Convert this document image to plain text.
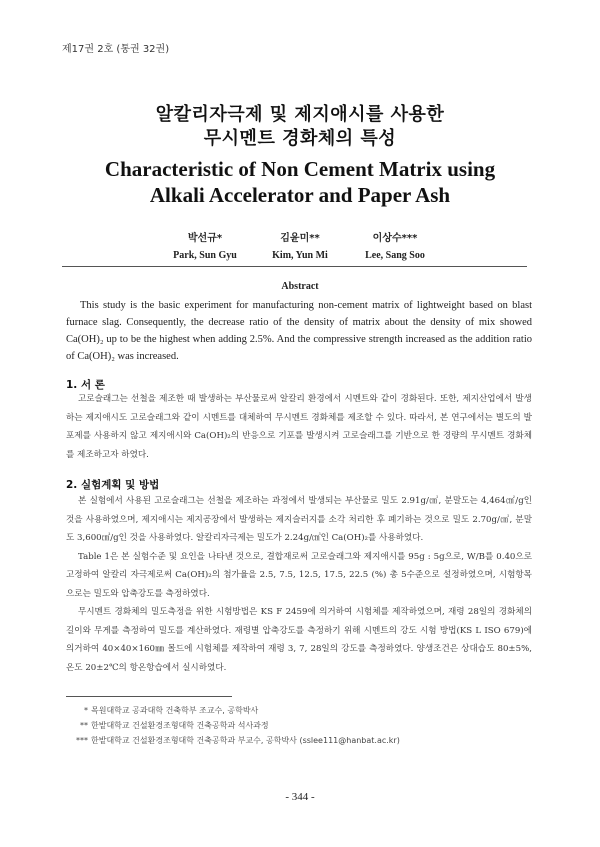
제17권 2호 (통권 32권)
알칼리자극제 및 제지애시를 사용한
무시멘트 경화체의 특성
Characteristic of Non Cement Matrix using
Alkali Accelerator and Paper Ash
박선규*
Park, Sun Gyu
김윤미**
Kim, Yun Mi
이상수***
Lee, Sang Soo
Abstract
This study is the basic experiment for manufacturing non-cement matrix of lightweight based on blast furnace slag. Consequently, the decrease ratio of the density of matrix about the density of mix showed Ca(OH)₂ up to be the highest when adding 2.5%. And the compressive strength increased as the addition ratio of Ca(OH)₂ was increased.
1. 서 론

고로슬래그는 선철을 제조한 때 발생하는 부산물로써 알칼리 환경에서 시멘트와 같이 경화된다. 또한, 제지산업에서 발생하는 제지애시도 고로슬래그와 같이 시멘트를 대체하여 무시멘트 경화체를 제조할 수 있다. 따라서, 본 연구에서는 별도의 발포제를 사용하지 않고 제지애시와 Ca(OH)₂의 반응으로 기포를 발생시켜 고로슬래그를 기반으로 한 경량의 무시멘트 경화체를 제조하고자 하였다.

2. 실험계획 및 방법

본 실험에서 사용된 고로슬래그는 선철을 제조하는 과정에서 발생되는 부산물로 밀도 2.91g/㎤, 분말도는 4,464㎠/g인 것을 사용하였으며, 제지애시는 제지공장에서 발생하는 제지슬러지를 소각 처리한 후 폐기하는 것으로 밀도 2.70g/㎤, 분말도 3,600㎠/g인 것을 사용하였다. 알칼리자극제는 밀도가 2.24g/㎤인 Ca(OH)₂를 사용하였다.

Table 1은 본 실험수준 및 요인을 나타낸 것으로, 결합재로써 고로슬래그와 제지애시를 95g : 5g으로, W/B를 0.40으로 고정하여 알칼리 자극제로써 Ca(OH)₂의 첨가율을 2.5, 7.5, 12.5, 17.5, 22.5 (%) 총 5수준으로 설정하였으며, 시험항목으로는 밀도와 압축강도를 측정하였다.

무시멘트 경화체의 밀도측정을 위한 시험방법은 KS F 2459에 의거하여 시험체를 제작하였으며, 재령 28일의 경화체의 길이와 무게를 측정하여 밀도를 계산하였다. 재령별 압축강도를 측정하기 위해 시멘트의 강도 시험 방법(KS L ISO 679)에 의거하여 40×40×160㎜ 몰드에 시험체를 제작하여 재령 3, 7, 28일의 강도를 측정하였다. 양생조건은 상대습도 80±5%, 온도 20±2℃의 항온항습에서 실시하였다.

* 목원대학교 공과대학 건축학부 조교수, 공학박사
** 한밭대학교 건설환경조형대학 건축공학과 석사과정
*** 한밭대학교 건설환경조형대학 건축공학과 부교수, 공학박사 (sslee111@hanbat.ac.kr)
- 344 -
